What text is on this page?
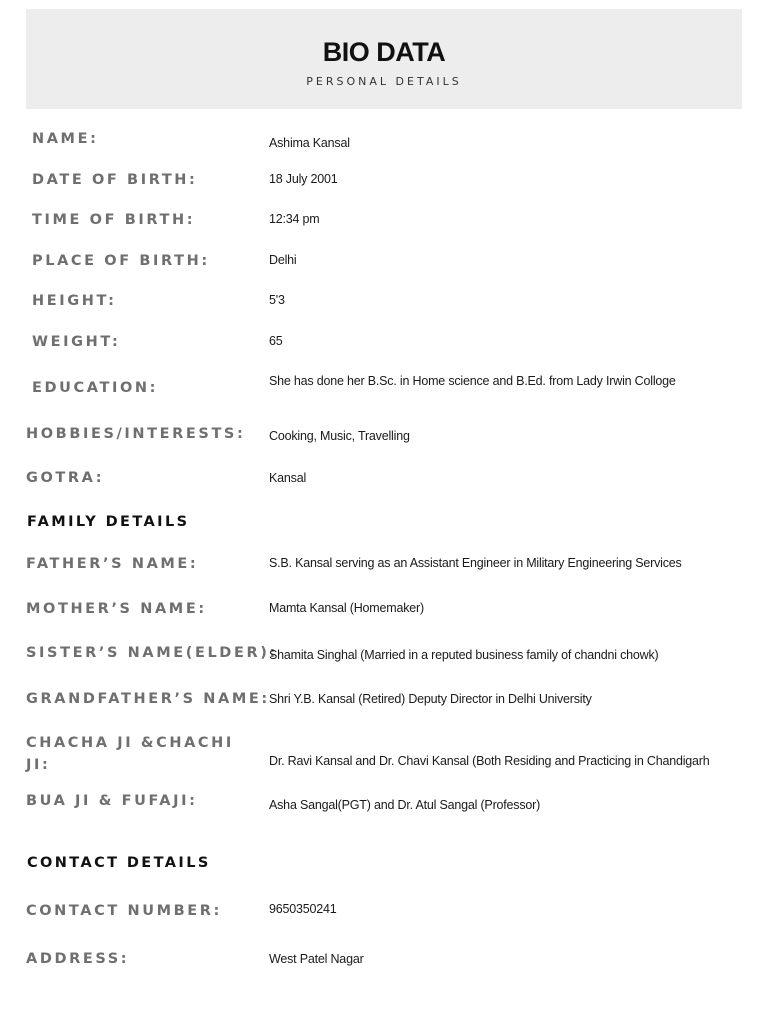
BIO DATA
PERSONAL DETAILS
NAME:	Ashima Kansal
DATE OF BIRTH:	18 July 2001
TIME OF BIRTH:	12:34 pm
PLACE OF BIRTH:	Delhi
HEIGHT:	5'3
WEIGHT:	65
EDUCATION:	She has done her B.Sc. in Home science and B.Ed. from Lady Irwin Colloge
HOBBIES/INTERESTS: Cooking, Music, Travelling
GOTRA:	Kansal
FAMILY DETAILS
FATHER’S NAME:	S.B. Kansal serving as an Assistant Engineer in Military Engineering Services
MOTHER’S NAME:	Mamta Kansal (Homemaker)
SISTER’S NAME(ELDER):
Shamita Singhal (Married in a reputed business family of chandni chowk)
GRANDFATHER’S NAME: Shri Y.B. Kansal (Retired) Deputy Director in Delhi University
CHACHA JI &CHACHI JI:	Dr. Ravi Kansal and Dr. Chavi Kansal (Both Residing and Practicing in Chandigarh
BUA JI & FUFAJI:	Asha Sangal(PGT) and Dr. Atul Sangal (Professor)
CONTACT DETAILS
CONTACT NUMBER:	9650350241
ADDRESS:	West Patel Nagar
